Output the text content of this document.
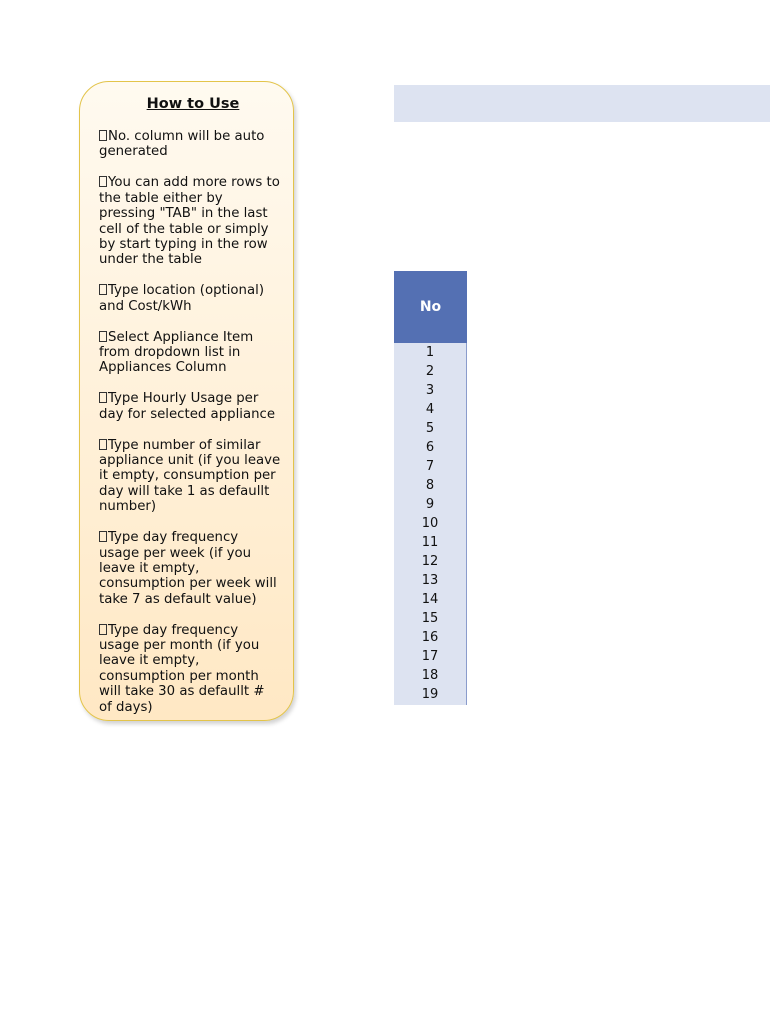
How to Use
No. column will be auto generated
You can add more rows to the table either by pressing "TAB" in the last cell of the table or simply by start typing in the row under the table
Type location (optional) and Cost/kWh
Select Appliance Item from dropdown list in Appliances Column
Type Hourly Usage per day for selected appliance
Type number of similar appliance unit (if you leave it empty, consumption per day will take 1 as defaullt number)
Type day frequency usage per week (if you leave it empty, consumption per week will take 7 as default value)
Type day frequency usage per month (if you leave it empty, consumption per month will take 30 as defaullt # of days)
No
1
2
3
4
5
6
7
8
9
10
11
12
13
14
15
16
17
18
19
